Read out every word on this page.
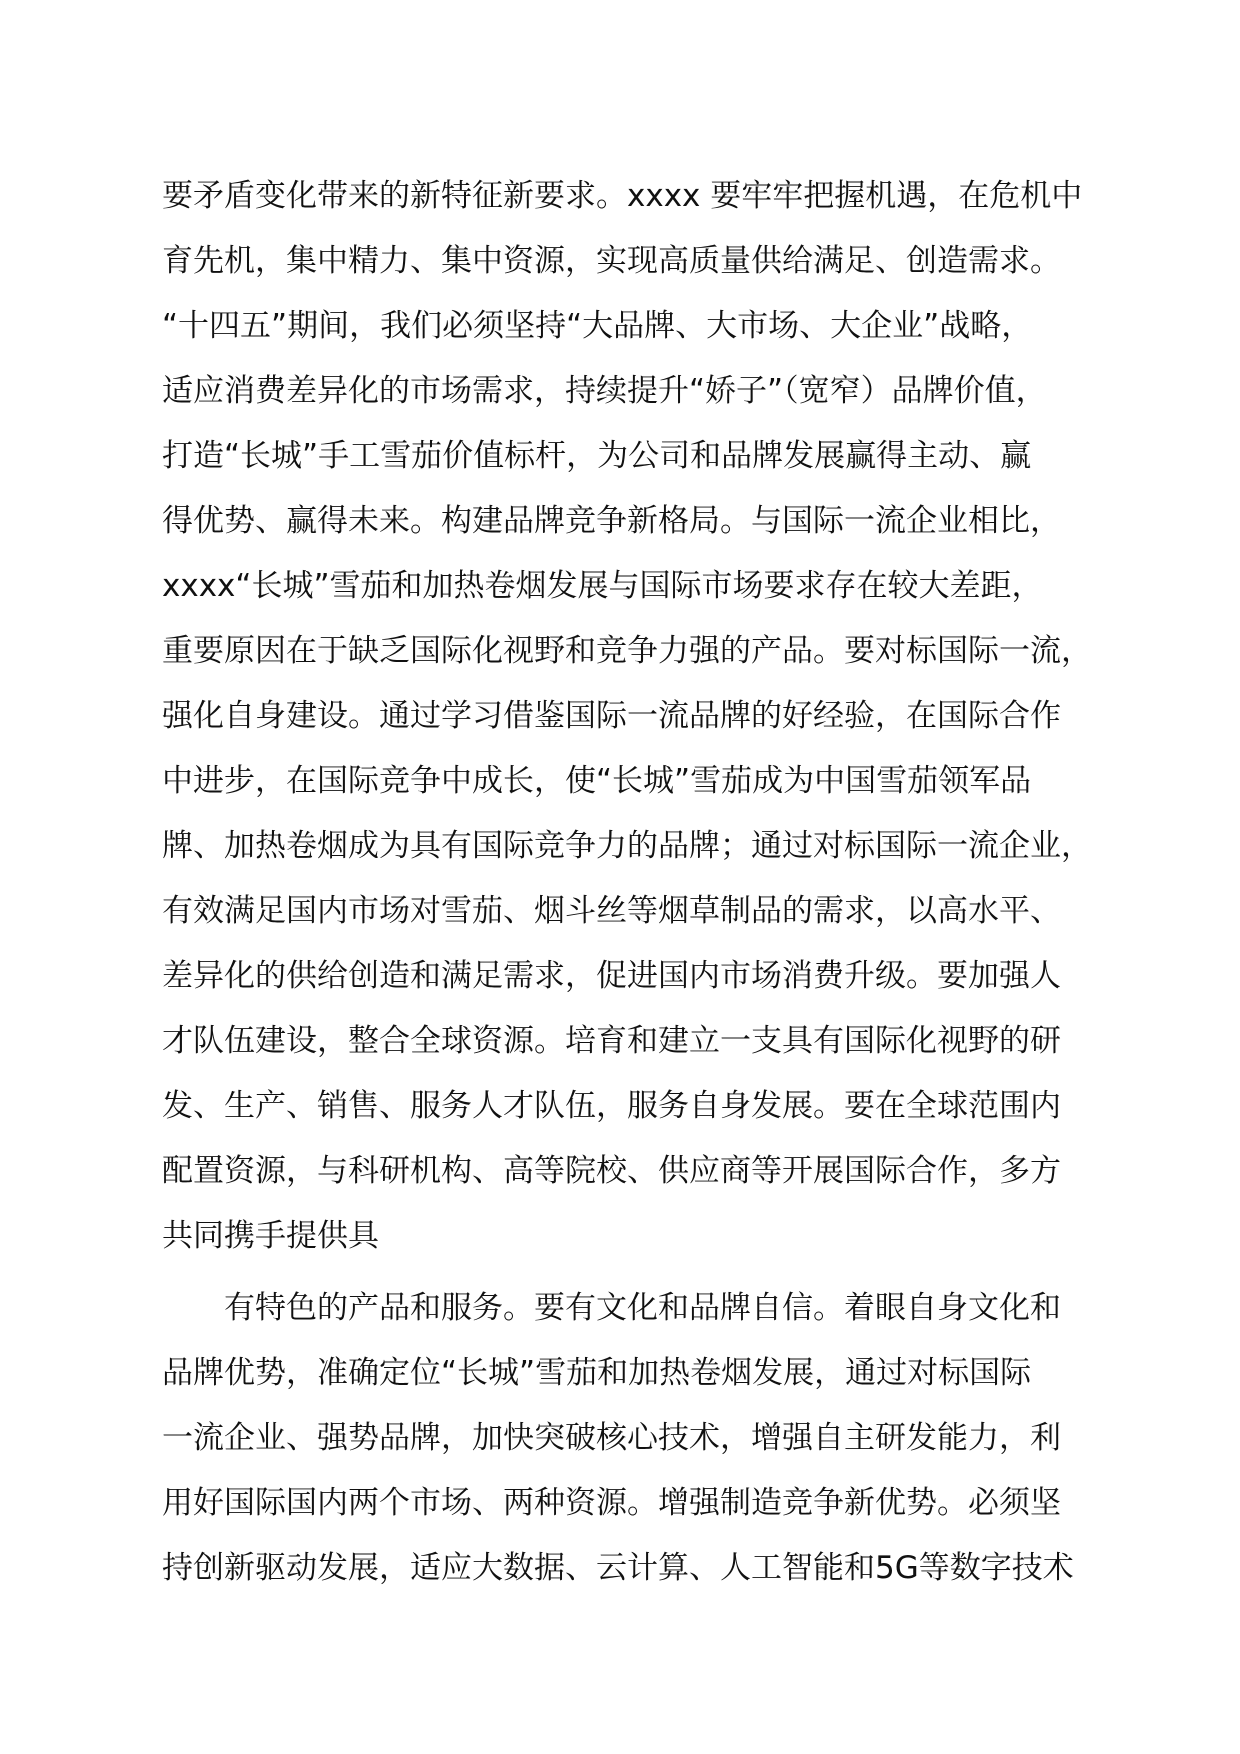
要矛盾变化带来的新特征新要求。xxxx 要牢牢把握机遇，在危机中
育先机，集中精力、集中资源，实现高质量供给满足、创造需求。
“十四五”期间，我们必须坚持“大品牌、大市场、大企业”战略，
适应消费差异化的市场需求，持续提升“娇子”（宽窄）品牌价值，
打造“长城”手工雪茄价值标杆，为公司和品牌发展赢得主动、赢
得优势、赢得未来。构建品牌竞争新格局。与国际一流企业相比，
xxxx“长城”雪茄和加热卷烟发展与国际市场要求存在较大差距，
重要原因在于缺乏国际化视野和竞争力强的产品。要对标国际一流，
强化自身建设。通过学习借鉴国际一流品牌的好经验，在国际合作
中进步，在国际竞争中成长，使“长城”雪茄成为中国雪茄领军品
牌、加热卷烟成为具有国际竞争力的品牌；通过对标国际一流企业，
有效满足国内市场对雪茄、烟斗丝等烟草制品的需求，以高水平、
差异化的供给创造和满足需求，促进国内市场消费升级。要加强人
才队伍建设，整合全球资源。培育和建立一支具有国际化视野的研
发、生产、销售、服务人才队伍，服务自身发展。要在全球范围内
配置资源，与科研机构、高等院校、供应商等开展国际合作，多方
共同携手提供具
有特色的产品和服务。要有文化和品牌自信。着眼自身文化和
品牌优势，准确定位“长城”雪茄和加热卷烟发展，通过对标国际
一流企业、强势品牌，加快突破核心技术，增强自主研发能力，利
用好国际国内两个市场、两种资源。增强制造竞争新优势。必须坚
持创新驱动发展，适应大数据、云计算、人工智能和5G等数字技术
